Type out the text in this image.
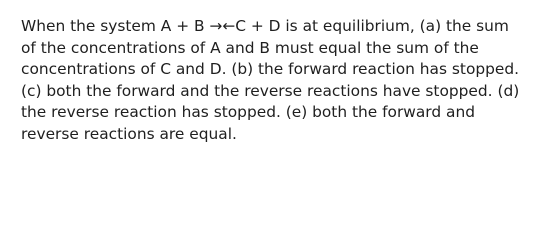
When the system A + B →←C + D is at equilibrium, (a) the sum
of the concentrations of A and B must equal the sum of the
concentrations of C and D. (b) the forward reaction has stopped.
(c) both the forward and the reverse reactions have stopped. (d)
the reverse reaction has stopped. (e) both the forward and
reverse reactions are equal.
